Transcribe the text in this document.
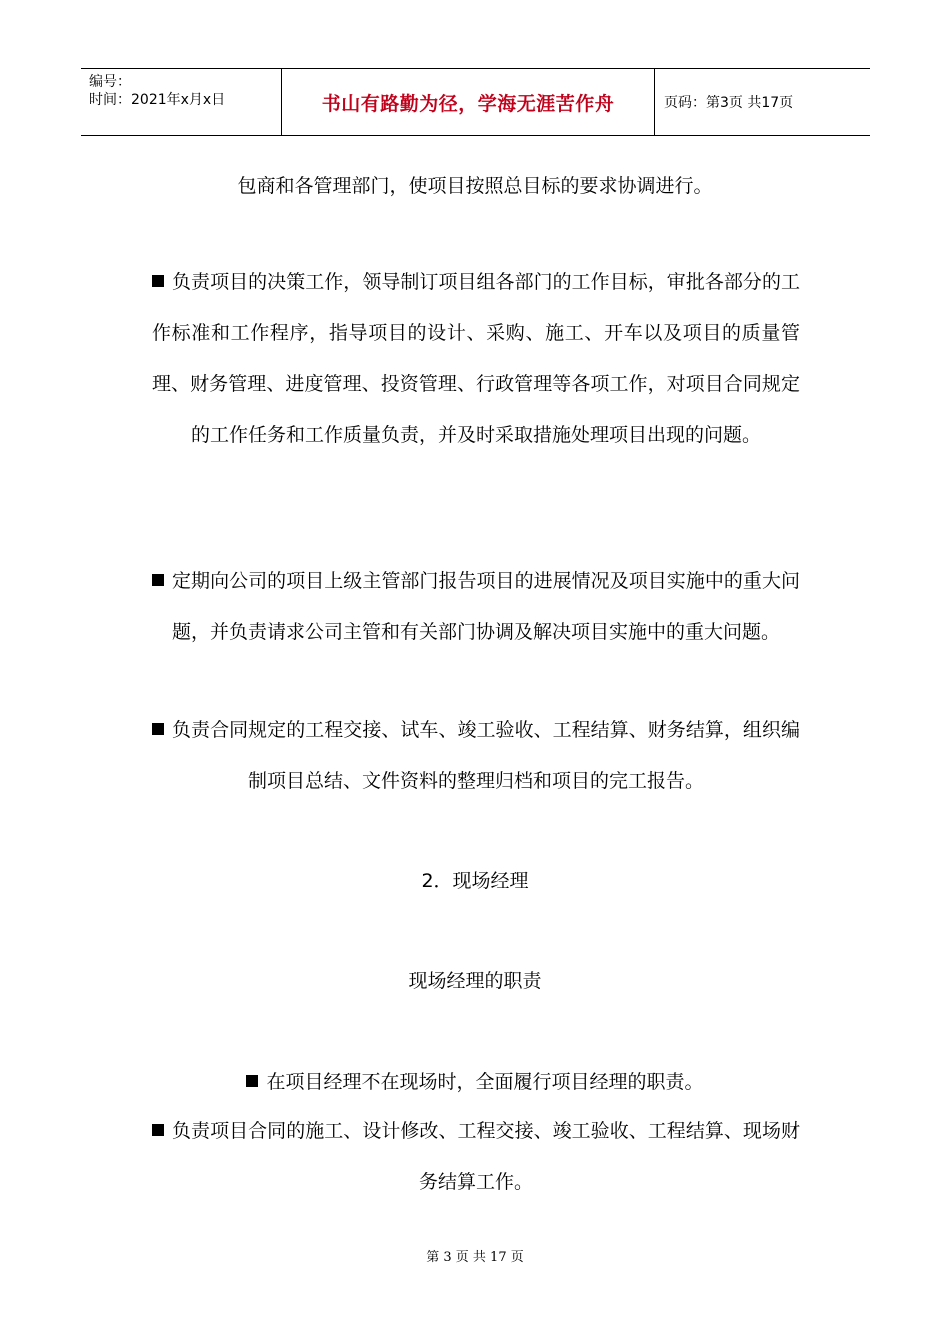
编号：
时间：2021年x月x日	书山有路勤为径，学海无涯苦作舟	页码：第3页 共17页
包商和各管理部门，使项目按照总目标的要求协调进行。
负责项目的决策工作，领导制订项目组各部门的工作目标，审批各部分的工作标准和工作程序，指导项目的设计、采购、施工、开车以及项目的质量管理、财务管理、进度管理、投资管理、行政管理等各项工作，对项目合同规定的工作任务和工作质量负责，并及时采取措施处理项目出现的问题。
定期向公司的项目上级主管部门报告项目的进展情况及项目实施中的重大问题，并负责请求公司主管和有关部门协调及解决项目实施中的重大问题。
负责合同规定的工程交接、试车、竣工验收、工程结算、财务结算，组织编制项目总结、文件资料的整理归档和项目的完工报告。
2．现场经理
现场经理的职责
在项目经理不在现场时，全面履行项目经理的职责。
负责项目合同的施工、设计修改、工程交接、竣工验收、工程结算、现场财务结算工作。
第 3 页 共 17 页
